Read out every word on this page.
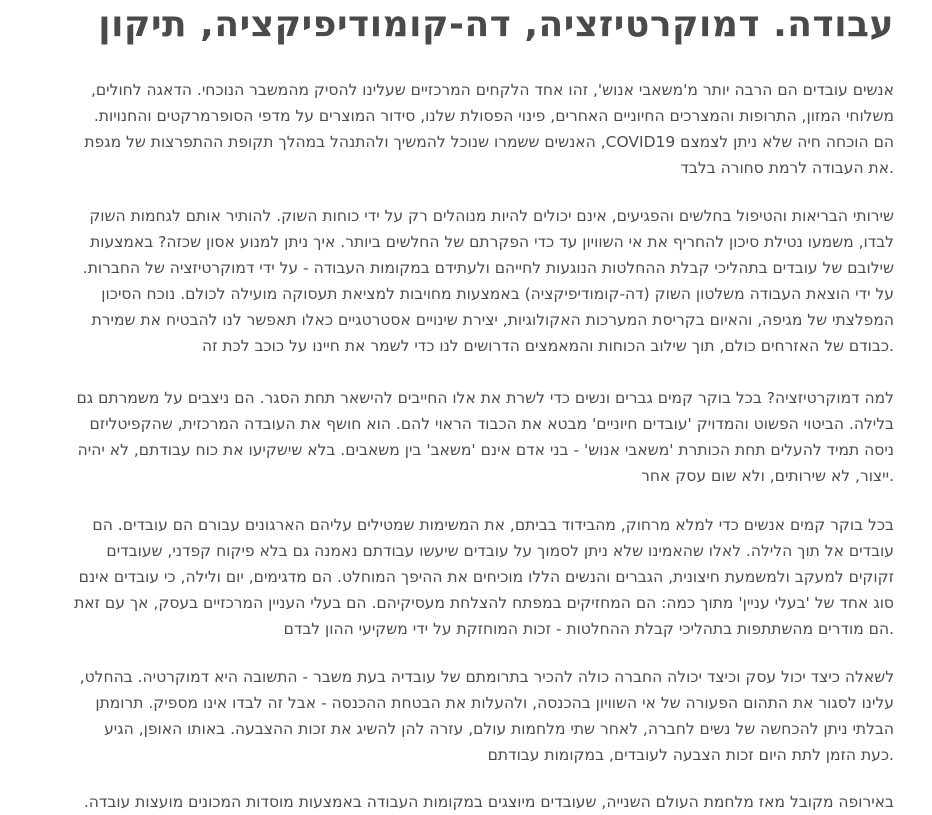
עבודה. דמוקרטיזציה, דה-קומודיפיקציה, תיקון

אנשים עובדים הם הרבה יותר מ'משאבי אנוש', זהו אחד הלקחים המרכזיים שעלינו להסיק מהמשבר הנוכחי. הדאגה לחולים,
משלוחי המזון, התרופות והמצרכים החיוניים האחרים, פינוי הפסולת שלנו, סידור המוצרים על מדפי הסופרמרקטים והחנויות.
הם הוכחה חיה שלא ניתן לצמצם COVID19, האנשים ששמרו שנוכל להמשיך ולהתנהל במהלך תקופת ההתפרצות של מגפת
.את העבודה לרמת סחורה בלבד

שירותי הבריאות והטיפול בחלשים והפגיעים, אינם יכולים להיות מנוהלים רק על ידי כוחות השוק. להותיר אותם לגחמות השוק
לבדו, משמעו נטילת סיכון להחריף את אי השוויון עד כדי הפקרתם של החלשים ביותר. איך ניתן למנוע אסון שכזה? באמצעות
שילובם של עובדים בתהליכי קבלת ההחלטות הנוגעות לחייהם ולעתידם במקומות העבודה - על ידי דמוקרטיזציה של החברות.
על ידי הוצאת העבודה משלטון השוק (דה-קומודיפיקציה) באמצעות מחויבות למציאת תעסוקה מועילה לכולם. נוכח הסיכון
המפלצתי של מגיפה, והאיום בקריסת המערכות האקולוגיות, יצירת שינויים אסטרטגיים כאלו תאפשר לנו להבטיח את שמירת
.כבודם של האזרחים כולם, תוך שילוב הכוחות והמאמצים הדרושים לנו כדי לשמר את חיינו על כוכב לכת זה

למה דמוקרטיזציה? בכל בוקר קמים גברים ונשים כדי לשרת את אלו החייבים להישאר תחת הסגר. הם ניצבים על משמרתם גם
בלילה. הביטוי הפשוט והמדויק 'עובדים חיוניים' מבטא את הכבוד הראוי להם. הוא חושף את העובדה המרכזית, שהקפיטליזם
ניסה תמיד להעלים תחת הכותרת 'משאבי אנוש' - בני אדם אינם 'משאב' בין משאבים. בלא שישקיעו את כוח עבודתם, לא יהיה
.ייצור, לא שירותים, ולא שום עסק אחר

בכל בוקר קמים אנשים כדי למלא מרחוק, מהבידוד בביתם, את המשימות שמטילים עליהם הארגונים עבורם הם עובדים. הם
עובדים אל תוך הלילה. לאלו שהאמינו שלא ניתן לסמוך על עובדים שיעשו עבודתם נאמנה גם בלא פיקוח קפדני, שעובדים
זקוקים למעקב ולמשמעת חיצונית, הגברים והנשים הללו מוכיחים את ההיפך המוחלט. הם מדגימים, יום ולילה, כי עובדים אינם
סוג אחד של 'בעלי עניין' מתוך כמה: הם המחזיקים במפתח להצלחת מעסיקיהם. הם בעלי העניין המרכזיים בעסק, אך עם זאת
.הם מודרים מהשתתפות בתהליכי קבלת ההחלטות - זכות המוחזקת על ידי משקיעי ההון לבדם

לשאלה כיצד יכול עסק וכיצד יכולה החברה כולה להכיר בתרומתם של עובדיה בעת משבר - התשובה היא דמוקרטיה. בהחלט,
עלינו לסגור את התהום הפעורה של אי השוויון בהכנסה, ולהעלות את הבטחת ההכנסה - אבל זה לבדו אינו מספיק. תרומתן
הבלתי ניתן להכחשה של נשים לחברה, לאחר שתי מלחמות עולם, עזרה להן להשיג את זכות ההצבעה. באותו האופן, הגיע
.כעת הזמן לתת היום זכות הצבעה לעובדים, במקומות עבודתם

באירופה מקובל מאז מלחמת העולם השנייה, שעובדים מיוצגים במקומות העבודה באמצעות מוסדות המכונים מועצות עובדה.
